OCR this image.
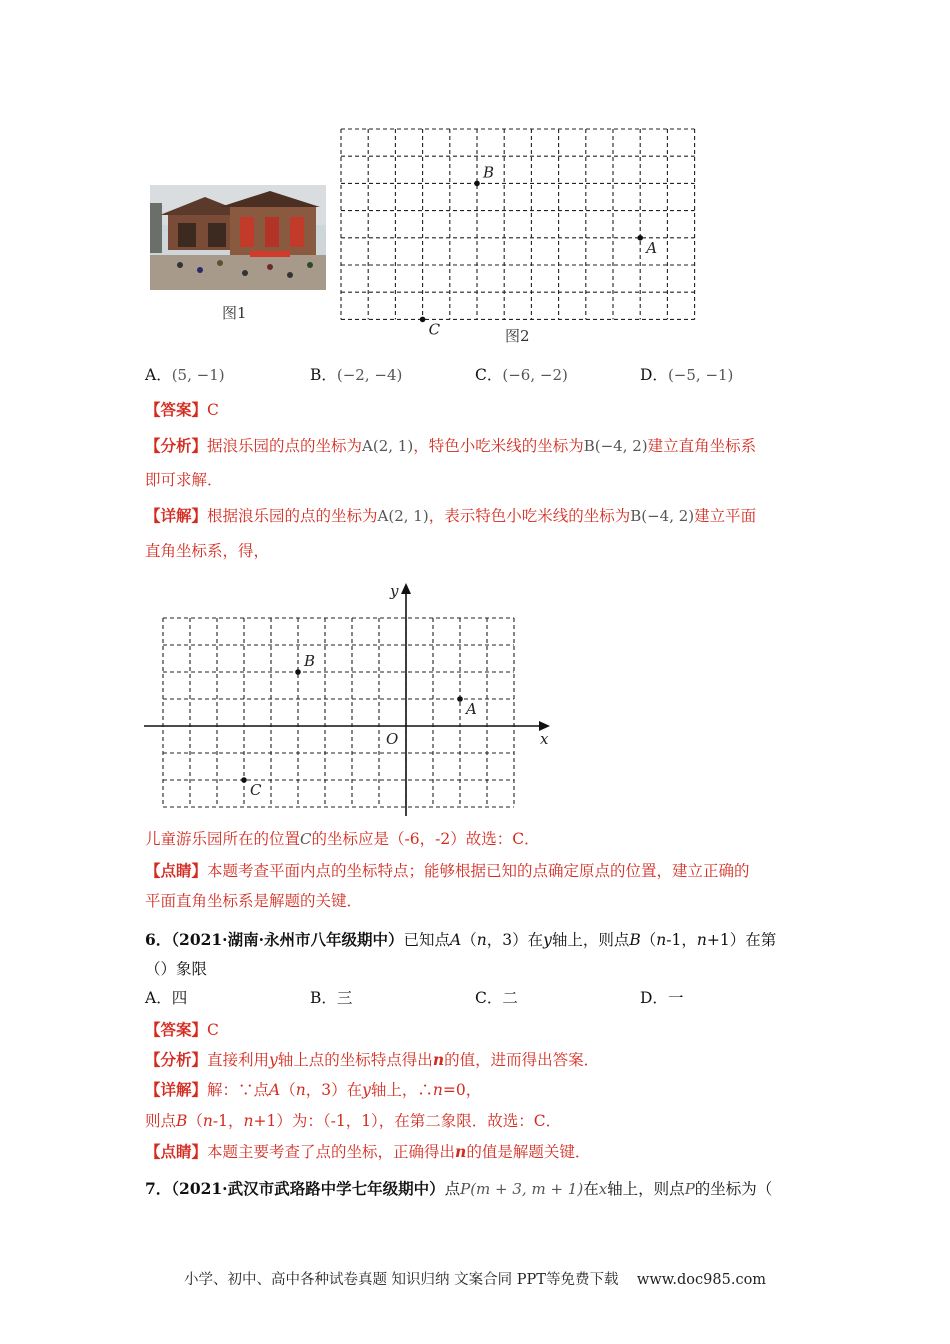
图1
B
A
C	图2
A．(5, −1)	B．(−2, −4)	C．(−6, −2)	D．(−5, −1)
【答案】C
【分析】据浪乐园的点的坐标为A(2, 1)，特色小吃米线的坐标为B(−4, 2)建立直角坐标系
即可求解．
【详解】根据浪乐园的点的坐标为A(2, 1)，表示特色小吃米线的坐标为B(−4, 2)建立平面
直角坐标系，得，
x
y
O
B
A
C
儿童游乐园所在的位置C的坐标应是（-6，-2）故选：C．
【点睛】本题考查平面内点的坐标特点；能够根据已知的点确定原点的位置，建立正确的
平面直角坐标系是解题的关键．
6．（2021·湖南·永州市八年级期中）已知点A（n，3）在y轴上，则点B（n-1，n+1）在第
（）象限
A．四	B．三	C．二	D．一
【答案】C
【分析】直接利用y轴上点的坐标特点得出n的值，进而得出答案．
【详解】解：∵点A（n，3）在y轴上，∴n=0，
则点B（n-1，n+1）为：（-1，1），在第二象限．故选：C．
【点睛】本题主要考查了点的坐标，正确得出n的值是解题关键．
7．（2021·武汉市武珞路中学七年级期中）点P(m + 3, m + 1)在x轴上，则点P的坐标为（
小学、初中、高中各种试卷真题 知识归纳 文案合同 PPT等免费下载 www.doc985.com
